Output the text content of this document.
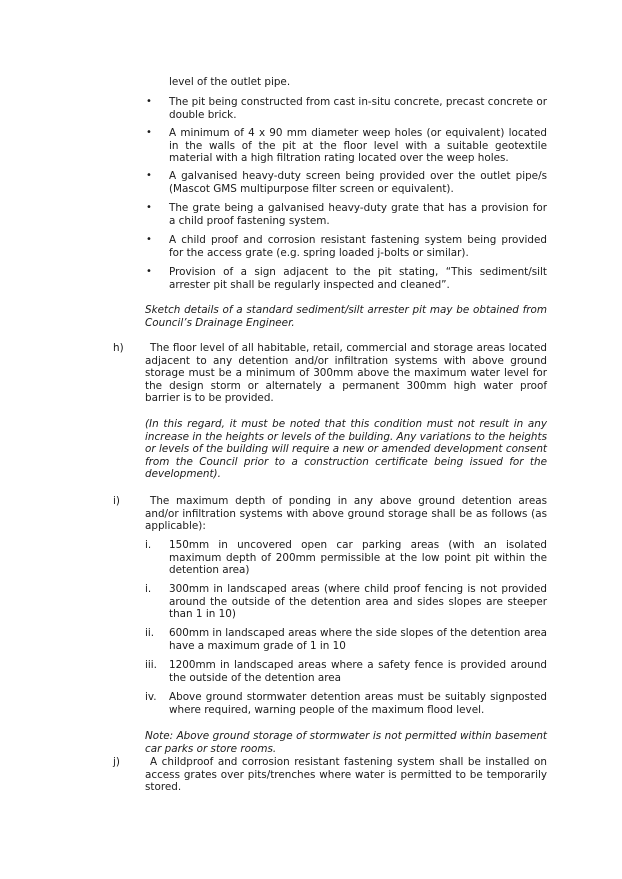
level of the outlet pipe.
• The pit being constructed from cast in-situ concrete, precast concrete or double brick.
• A minimum of 4 x 90 mm diameter weep holes (or equivalent) located in the walls of the pit at the floor level with a suitable geotextile material with a high filtration rating located over the weep holes.
• A galvanised heavy-duty screen being provided over the outlet pipe/s (Mascot GMS multipurpose filter screen or equivalent).
• The grate being a galvanised heavy-duty grate that has a provision for a child proof fastening system.
• A child proof and corrosion resistant fastening system being provided for the access grate (e.g. spring loaded j-bolts or similar).
• Provision of a sign adjacent to the pit stating, “This sediment/silt arrester pit shall be regularly inspected and cleaned”.
Sketch details of a standard sediment/silt arrester pit may be obtained from Council’s Drainage Engineer.
h)	The floor level of all habitable, retail, commercial and storage areas located adjacent to any detention and/or infiltration systems with above ground storage must be a minimum of 300mm above the maximum water level for the design storm or alternately a permanent 300mm high water proof barrier is to be provided.
(In this regard, it must be noted that this condition must not result in any increase in the heights or levels of the building. Any variations to the heights or levels of the building will require a new or amended development consent from the Council prior to a construction certificate being issued for the development).
i)	The maximum depth of ponding in any above ground detention areas and/or infiltration systems with above ground storage shall be as follows (as applicable):
i. 150mm in uncovered open car parking areas (with an isolated maximum depth of 200mm permissible at the low point pit within the detention area)
i. 300mm in landscaped areas (where child proof fencing is not provided around the outside of the detention area and sides slopes are steeper than 1 in 10)
ii. 600mm in landscaped areas where the side slopes of the detention area have a maximum grade of 1 in 10
iii. 1200mm in landscaped areas where a safety fence is provided around the outside of the detention area
iv. Above ground stormwater detention areas must be suitably signposted where required, warning people of the maximum flood level.
Note: Above ground storage of stormwater is not permitted within basement car parks or store rooms.
j)	A childproof and corrosion resistant fastening system shall be installed on access grates over pits/trenches where water is permitted to be temporarily stored.
